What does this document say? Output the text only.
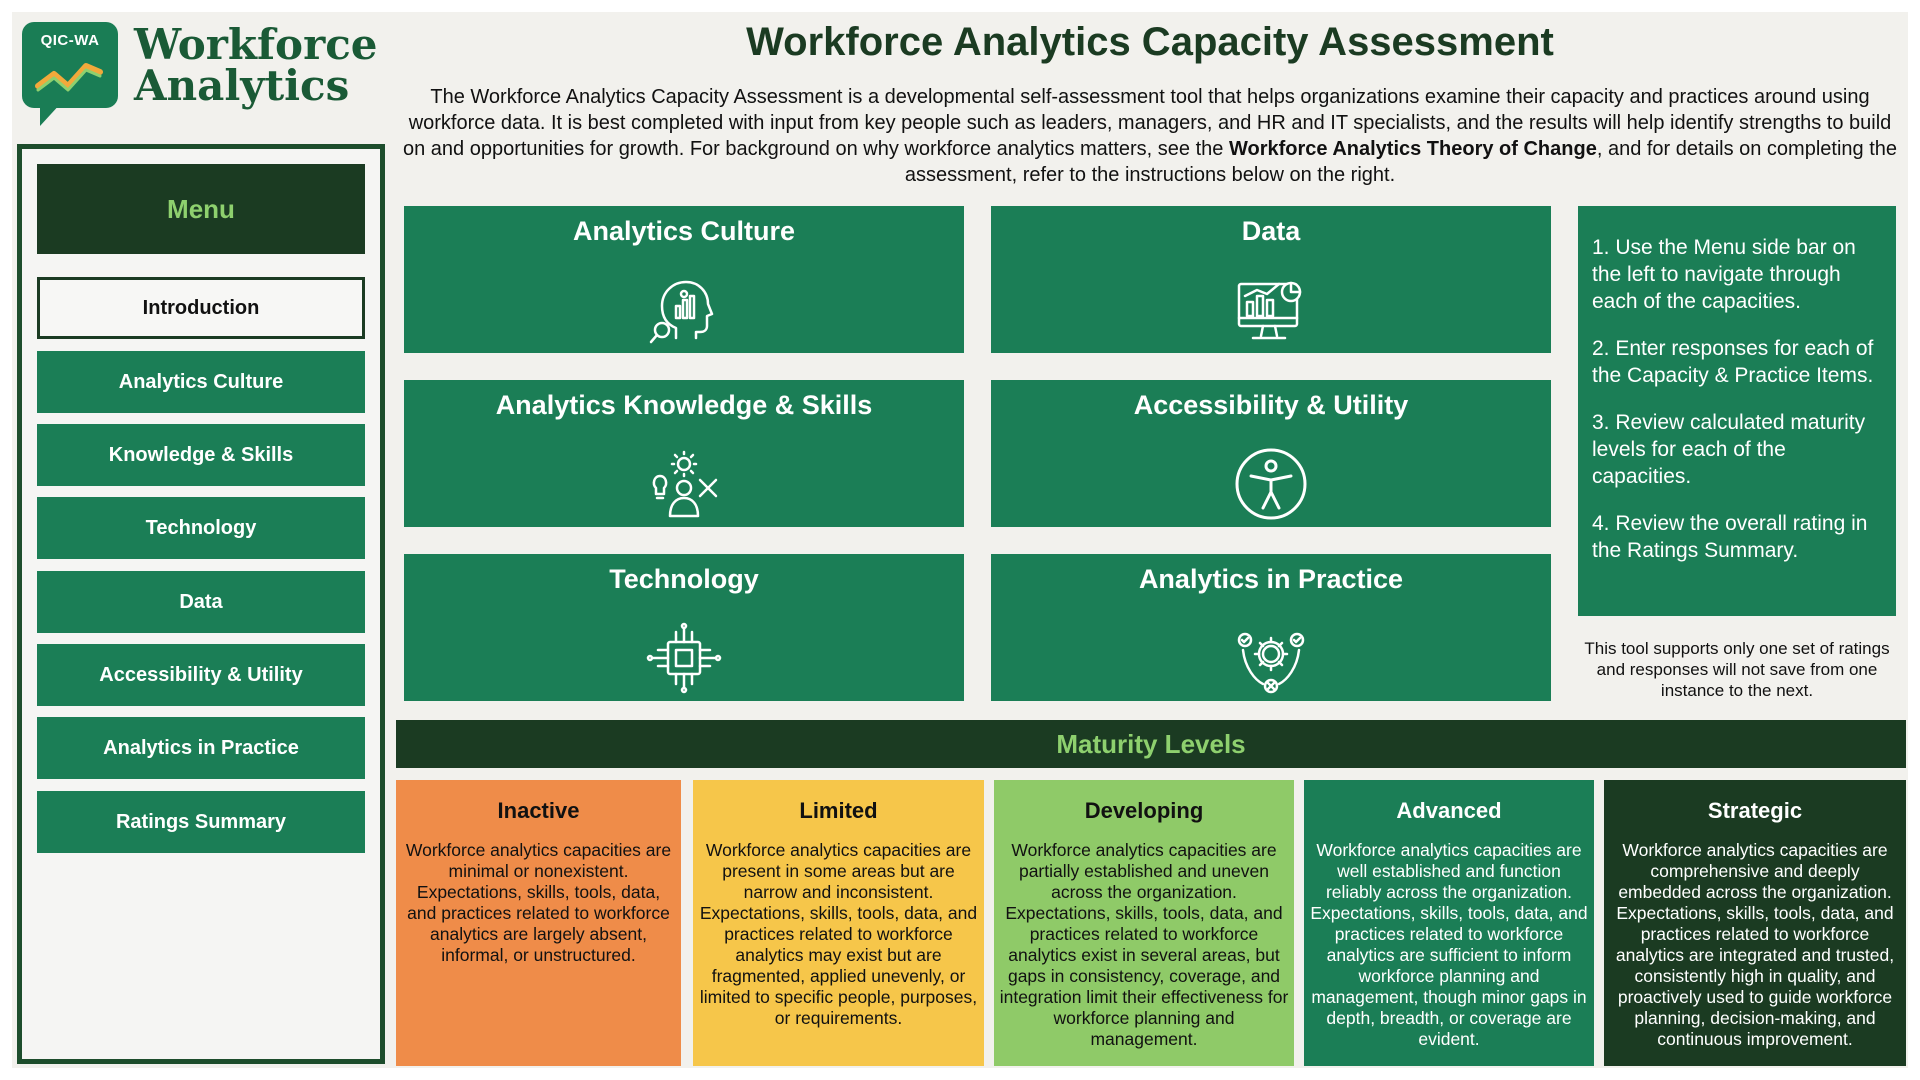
QIC-WA Workforce
Analytics
Menu
Introduction
Analytics Culture
Knowledge & Skills
Technology
Data
Accessibility & Utility
Analytics in Practice
Ratings Summary
Workforce Analytics Capacity Assessment
The Workforce Analytics Capacity Assessment is a developmental self-assessment tool that helps organizations examine their capacity and practices around using workforce data. It is best completed with input from key people such as leaders, managers, and HR and IT specialists, and the results will help identify strengths to build on and opportunities for growth. For background on why workforce analytics matters, see the Workforce Analytics Theory of Change, and for details on completing the assessment, refer to the instructions below on the right.
Analytics Culture	Data
Analytics Knowledge & Skills	Accessibility & Utility
Technology	Analytics in Practice

1. Use the Menu side bar on the left to navigate through each of the capacities.

2. Enter responses for each of the Capacity & Practice Items.

3. Review calculated maturity levels for each of the capacities.

4. Review the overall rating in the Ratings Summary.

This tool supports only one set of ratings and responses will not save from one instance to the next.
Maturity Levels
Inactive
Workforce analytics capacities are minimal or nonexistent. Expectations, skills, tools, data, and practices related to workforce analytics are largely absent, informal, or unstructured.
Limited
Workforce analytics capacities are present in some areas but are narrow and inconsistent. Expectations, skills, tools, data, and practices related to workforce analytics may exist but are fragmented, applied unevenly, or limited to specific people, purposes, or requirements.
Developing
Workforce analytics capacities are partially established and uneven across the organization. Expectations, skills, tools, data, and practices related to workforce analytics exist in several areas, but gaps in consistency, coverage, and integration limit their effectiveness for workforce planning and management.
Advanced
Workforce analytics capacities are well established and function reliably across the organization. Expectations, skills, tools, data, and practices related to workforce analytics are sufficient to inform workforce planning and management, though minor gaps in depth, breadth, or coverage are evident.
Strategic
Workforce analytics capacities are comprehensive and deeply embedded across the organization. Expectations, skills, tools, data, and practices related to workforce analytics are integrated and trusted, consistently high in quality, and proactively used to guide workforce planning, decision-making, and continuous improvement.
